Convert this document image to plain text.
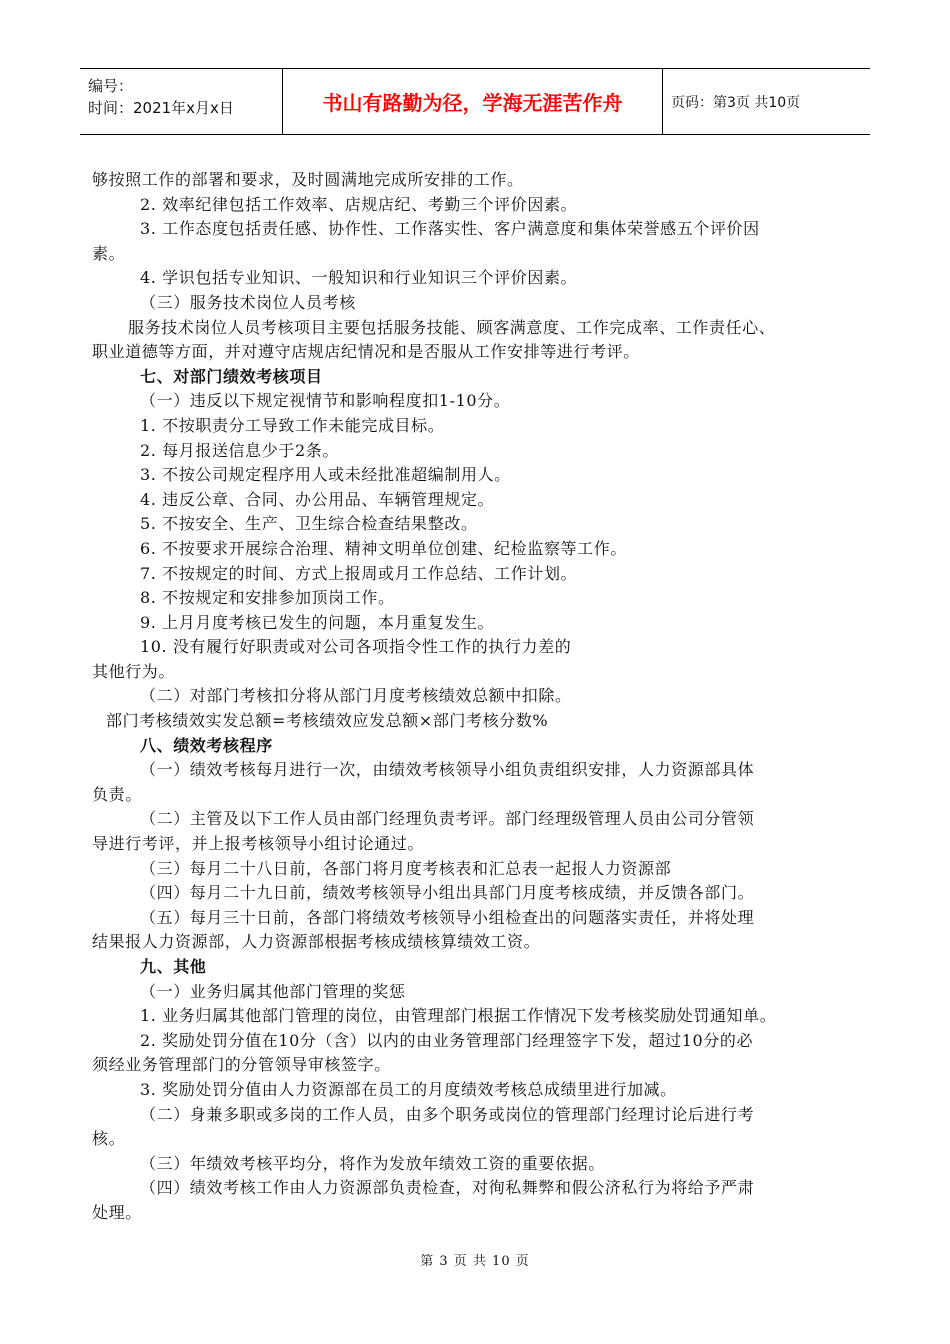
编号：
时间：2021年x月x日	书山有路勤为径，学海无涯苦作舟	页码：第3页 共10页

够按照工作的部署和要求，及时圆满地完成所安排的工作。

2. 效率纪律包括工作效率、店规店纪、考勤三个评价因素。

3. 工作态度包括责任感、协作性、工作落实性、客户满意度和集体荣誉感五个评价因

素。

4. 学识包括专业知识、一般知识和行业知识三个评价因素。

（三）服务技术岗位人员考核

服务技术岗位人员考核项目主要包括服务技能、顾客满意度、工作完成率、工作责任心、

职业道德等方面，并对遵守店规店纪情况和是否服从工作安排等进行考评。

七、对部门绩效考核项目

（一）违反以下规定视情节和影响程度扣1-10分。

1. 不按职责分工导致工作未能完成目标。

2. 每月报送信息少于2条。

3. 不按公司规定程序用人或未经批准超编制用人。

4. 违反公章、合同、办公用品、车辆管理规定。

5. 不按安全、生产、卫生综合检查结果整改。

6. 不按要求开展综合治理、精神文明单位创建、纪检监察等工作。

7. 不按规定的时间、方式上报周或月工作总结、工作计划。

8. 不按规定和安排参加顶岗工作。

9. 上月月度考核已发生的问题，本月重复发生。

10. 没有履行好职责或对公司各项指令性工作的执行力差的

其他行为。

（二）对部门考核扣分将从部门月度考核绩效总额中扣除。

部门考核绩效实发总额=考核绩效应发总额×部门考核分数%

八、绩效考核程序

（一）绩效考核每月进行一次，由绩效考核领导小组负责组织安排，人力资源部具体

负责。

（二）主管及以下工作人员由部门经理负责考评。部门经理级管理人员由公司分管领

导进行考评，并上报考核领导小组讨论通过。

（三）每月二十八日前，各部门将月度考核表和汇总表一起报人力资源部

（四）每月二十九日前，绩效考核领导小组出具部门月度考核成绩，并反馈各部门。

（五）每月三十日前，各部门将绩效考核领导小组检查出的问题落实责任，并将处理

结果报人力资源部，人力资源部根据考核成绩核算绩效工资。

九、其他

（一）业务归属其他部门管理的奖惩

1. 业务归属其他部门管理的岗位，由管理部门根据工作情况下发考核奖励处罚通知单。

2. 奖励处罚分值在10分（含）以内的由业务管理部门经理签字下发，超过10分的必

须经业务管理部门的分管领导审核签字。

3. 奖励处罚分值由人力资源部在员工的月度绩效考核总成绩里进行加减。

（二）身兼多职或多岗的工作人员，由多个职务或岗位的管理部门经理讨论后进行考

核。

（三）年绩效考核平均分，将作为发放年绩效工资的重要依据。

（四）绩效考核工作由人力资源部负责检查，对徇私舞弊和假公济私行为将给予严肃

处理。

第 3 页 共 10 页
